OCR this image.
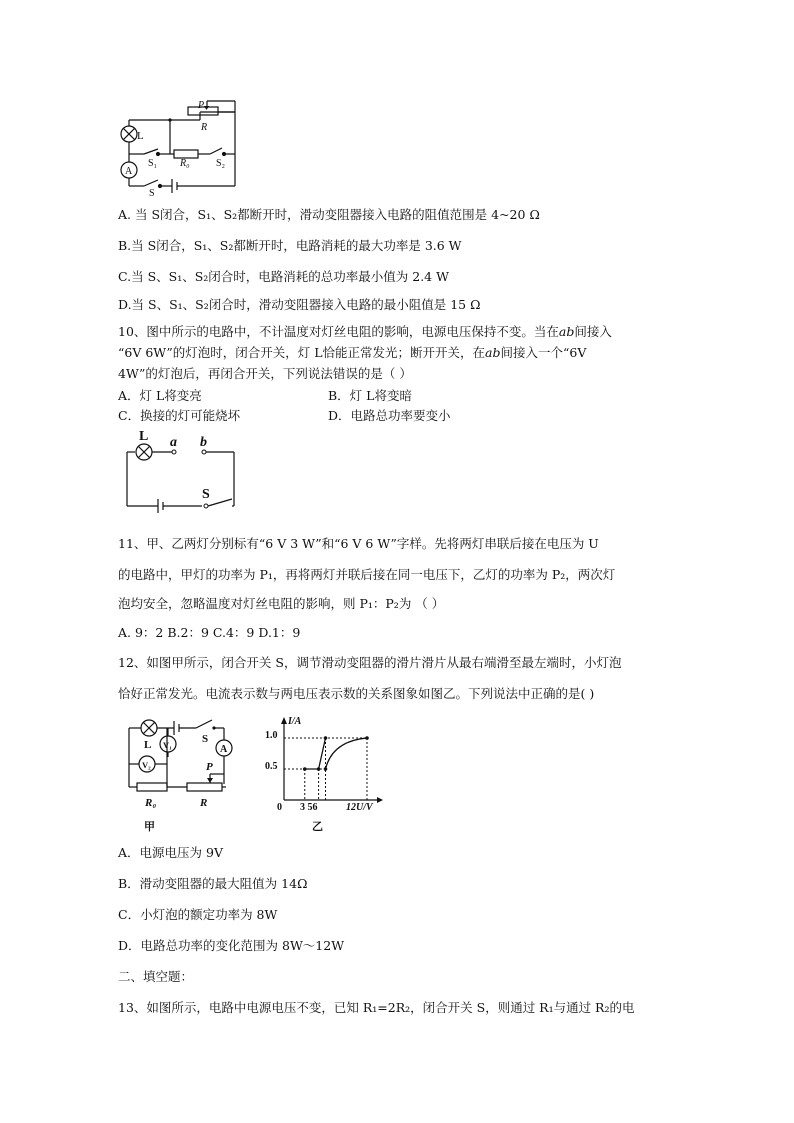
L
A
P
R
S₁ R₀	S₂
S
A. 当 S闭合，S₁、S₂都断开时，滑动变阻器接入电路的阻值范围是 4~20 Ω
B.当 S闭合，S₁、S₂都断开时，电路消耗的最大功率是 3.6 W
C.当 S、S₁、S₂闭合时，电路消耗的总功率最小值为 2.4 W
D.当 S、S₁、S₂闭合时，滑动变阻器接入电路的最小阻值是 15 Ω
10、图中所示的电路中，不计温度对灯丝电阻的影响，电源电压保持不变。当在ab间接入
“6V 6W”的灯泡时，闭合开关，灯 L恰能正常发光；断开开关，在ab间接入一个“6V
4W”的灯泡后，再闭合开关，下列说法错误的是（ ）
A．灯 L将变亮	B．灯 L将变暗
C．换接的灯可能烧坏	D．电路总功率要变小
L a b
S
11、甲、乙两灯分别标有“6 V 3 W”和“6 V 6 W”字样。先将两灯串联后接在电压为 U
的电路中，甲灯的功率为 P₁，再将两灯并联后接在同一电压下，乙灯的功率为 P₂，两次灯
泡均安全，忽略温度对灯丝电阻的影响，则 P₁：P₂为 （ ）
A. 9：2 B.2：9 C.4：9 D.1：9
12、如图甲所示，闭合开关 S，调节滑动变阻器的滑片滑片从最右端滑至最左端时，小灯泡
恰好正常发光。电流表示数与两电压表示数的关系图象如图乙。下列说法中正确的是( )
L V₁
V₂
S
A
P
R₀	R
甲
I/A
1.0
0.5
0 3 56	12U/V
乙
A．电源电压为 9V
B．滑动变阻器的最大阻值为 14Ω
C．小灯泡的额定功率为 8W
D．电路总功率的变化范围为 8W～12W
二、填空题：
13、如图所示，电路中电源电压不变，已知 R₁=2R₂，闭合开关 S，则通过 R₁与通过 R₂的电
